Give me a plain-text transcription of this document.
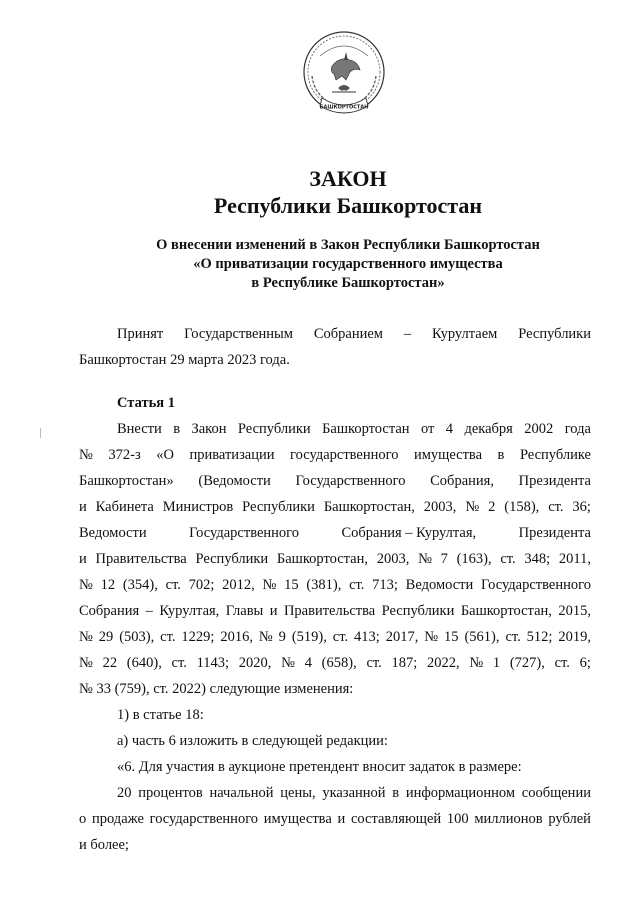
БАШКОРТОСТАН
ЗАКОН
Республики Башкортостан
О внесении изменений в Закон Республики Башкортостан
«О приватизации государственного имущества
в Республике Башкортостан»
Принят Государственным Собранием – Курултаем Республики
Башкортостан 29 марта 2023 года.
Статья 1
Внести в Закон Республики Башкортостан от 4 декабря 2002 года
№ 372-з «О приватизации государственного имущества в Республике
Башкортостан» (Ведомости Государственного Собрания, Президента
и Кабинета Министров Республики Башкортостан, 2003, № 2 (158), ст. 36;
Ведомости	Государственного	Собрания – Курултая,	Президента
и Правительства Республики Башкортостан, 2003, № 7 (163), ст. 348; 2011,
№ 12 (354), ст. 702; 2012, № 15 (381), ст. 713; Ведомости Государственного
Собрания – Курултая, Главы и Правительства Республики Башкортостан, 2015,
№ 29 (503), ст. 1229; 2016, № 9 (519), ст. 413; 2017, № 15 (561), ст. 512; 2019,
№ 22 (640), ст. 1143; 2020, № 4 (658), ст. 187; 2022, № 1 (727), ст. 6;
№ 33 (759), ст. 2022) следующие изменения:
1) в статье 18:
а) часть 6 изложить в следующей редакции:
«6. Для участия в аукционе претендент вносит задаток в размере:
20 процентов начальной цены, указанной в информационном сообщении
о продаже государственного имущества и составляющей 100 миллионов рублей
и более;
